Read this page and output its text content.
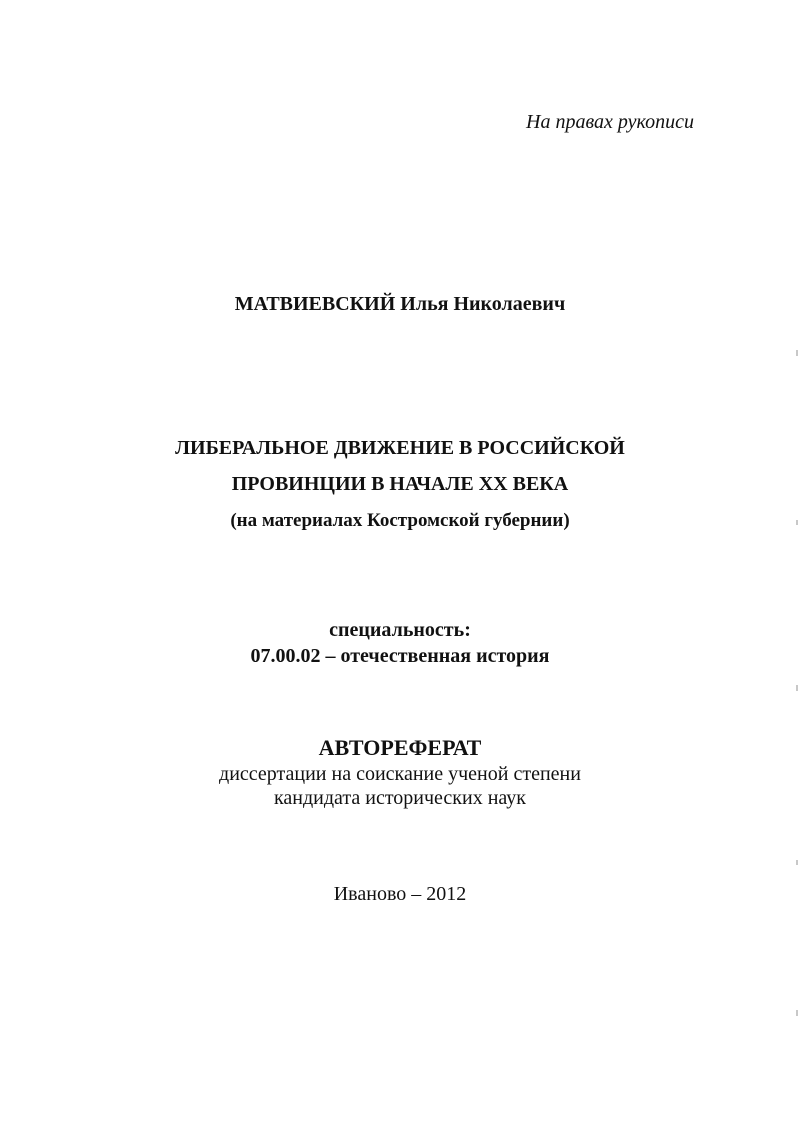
На правах рукописи
МАТВИЕВСКИЙ Илья Николаевич
ЛИБЕРАЛЬНОЕ ДВИЖЕНИЕ В РОССИЙСКОЙ
ПРОВИНЦИИ В НАЧАЛЕ XX ВЕКА
(на материалах Костромской губернии)
специальность:
07.00.02 – отечественная история
АВТОРЕФЕРАТ
диссертации на соискание ученой степени
кандидата исторических наук
Иваново – 2012
